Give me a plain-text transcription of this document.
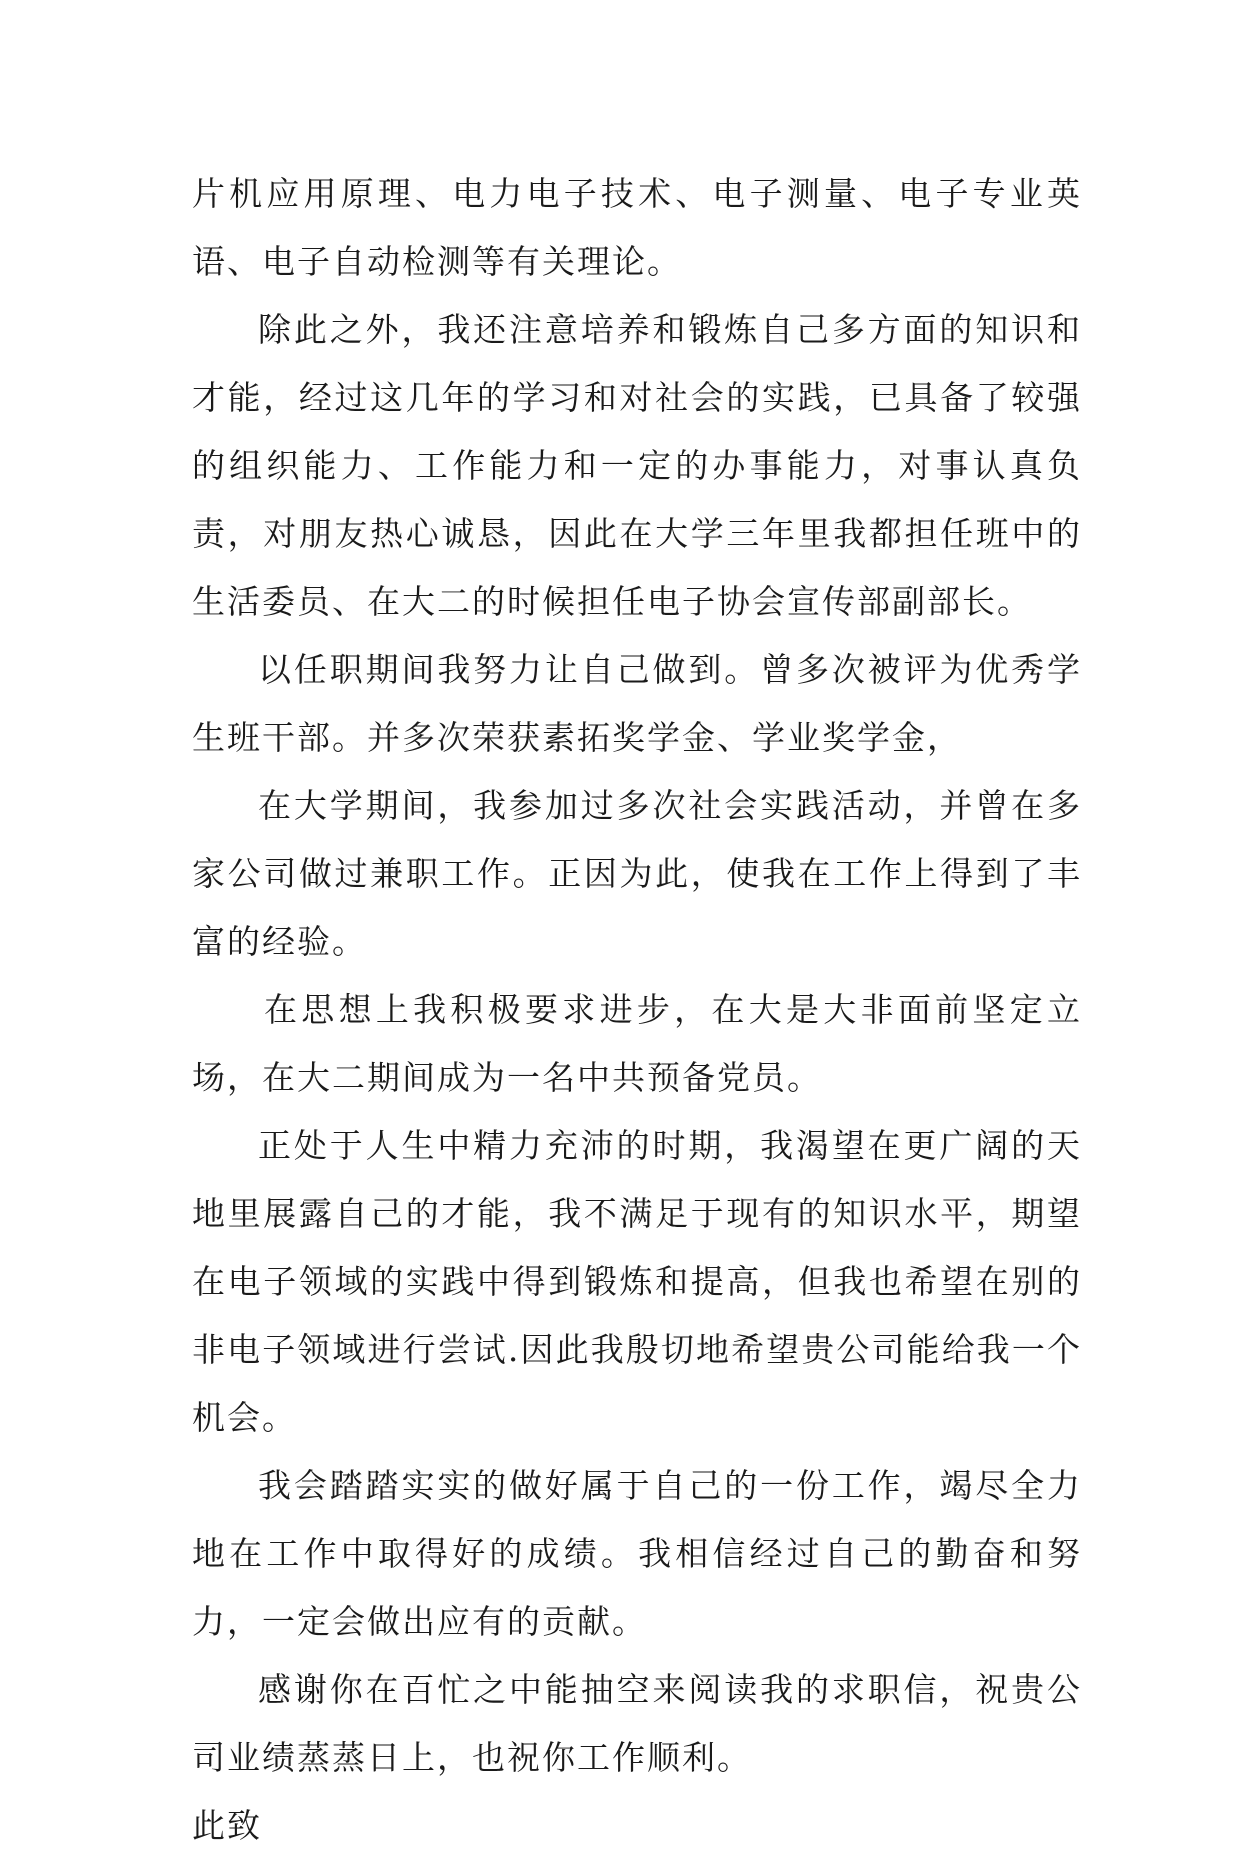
片机应用原理、电力电子技术、电子测量、电子专业英语、电子自动检测等有关理论。

除此之外，我还注意培养和锻炼自己多方面的知识和才能，经过这几年的学习和对社会的实践，已具备了较强的组织能力、工作能力和一定的办事能力，对事认真负责，对朋友热心诚恳，因此在大学三年里我都担任班中的生活委员、在大二的时候担任电子协会宣传部副部长。

以任职期间我努力让自己做到。曾多次被评为优秀学生班干部。并多次荣获素拓奖学金、学业奖学金，

在大学期间，我参加过多次社会实践活动，并曾在多家公司做过兼职工作。正因为此，使我在工作上得到了丰富的经验。

在思想上我积极要求进步，在大是大非面前坚定立场，在大二期间成为一名中共预备党员。

正处于人生中精力充沛的时期，我渴望在更广阔的天地里展露自己的才能，我不满足于现有的知识水平，期望在电子领域的实践中得到锻炼和提高，但我也希望在别的非电子领域进行尝试.因此我殷切地希望贵公司能给我一个机会。

我会踏踏实实的做好属于自己的一份工作，竭尽全力地在工作中取得好的成绩。我相信经过自己的勤奋和努力，一定会做出应有的贡献。

感谢你在百忙之中能抽空来阅读我的求职信，祝贵公司业绩蒸蒸日上，也祝你工作顺利。

此致
